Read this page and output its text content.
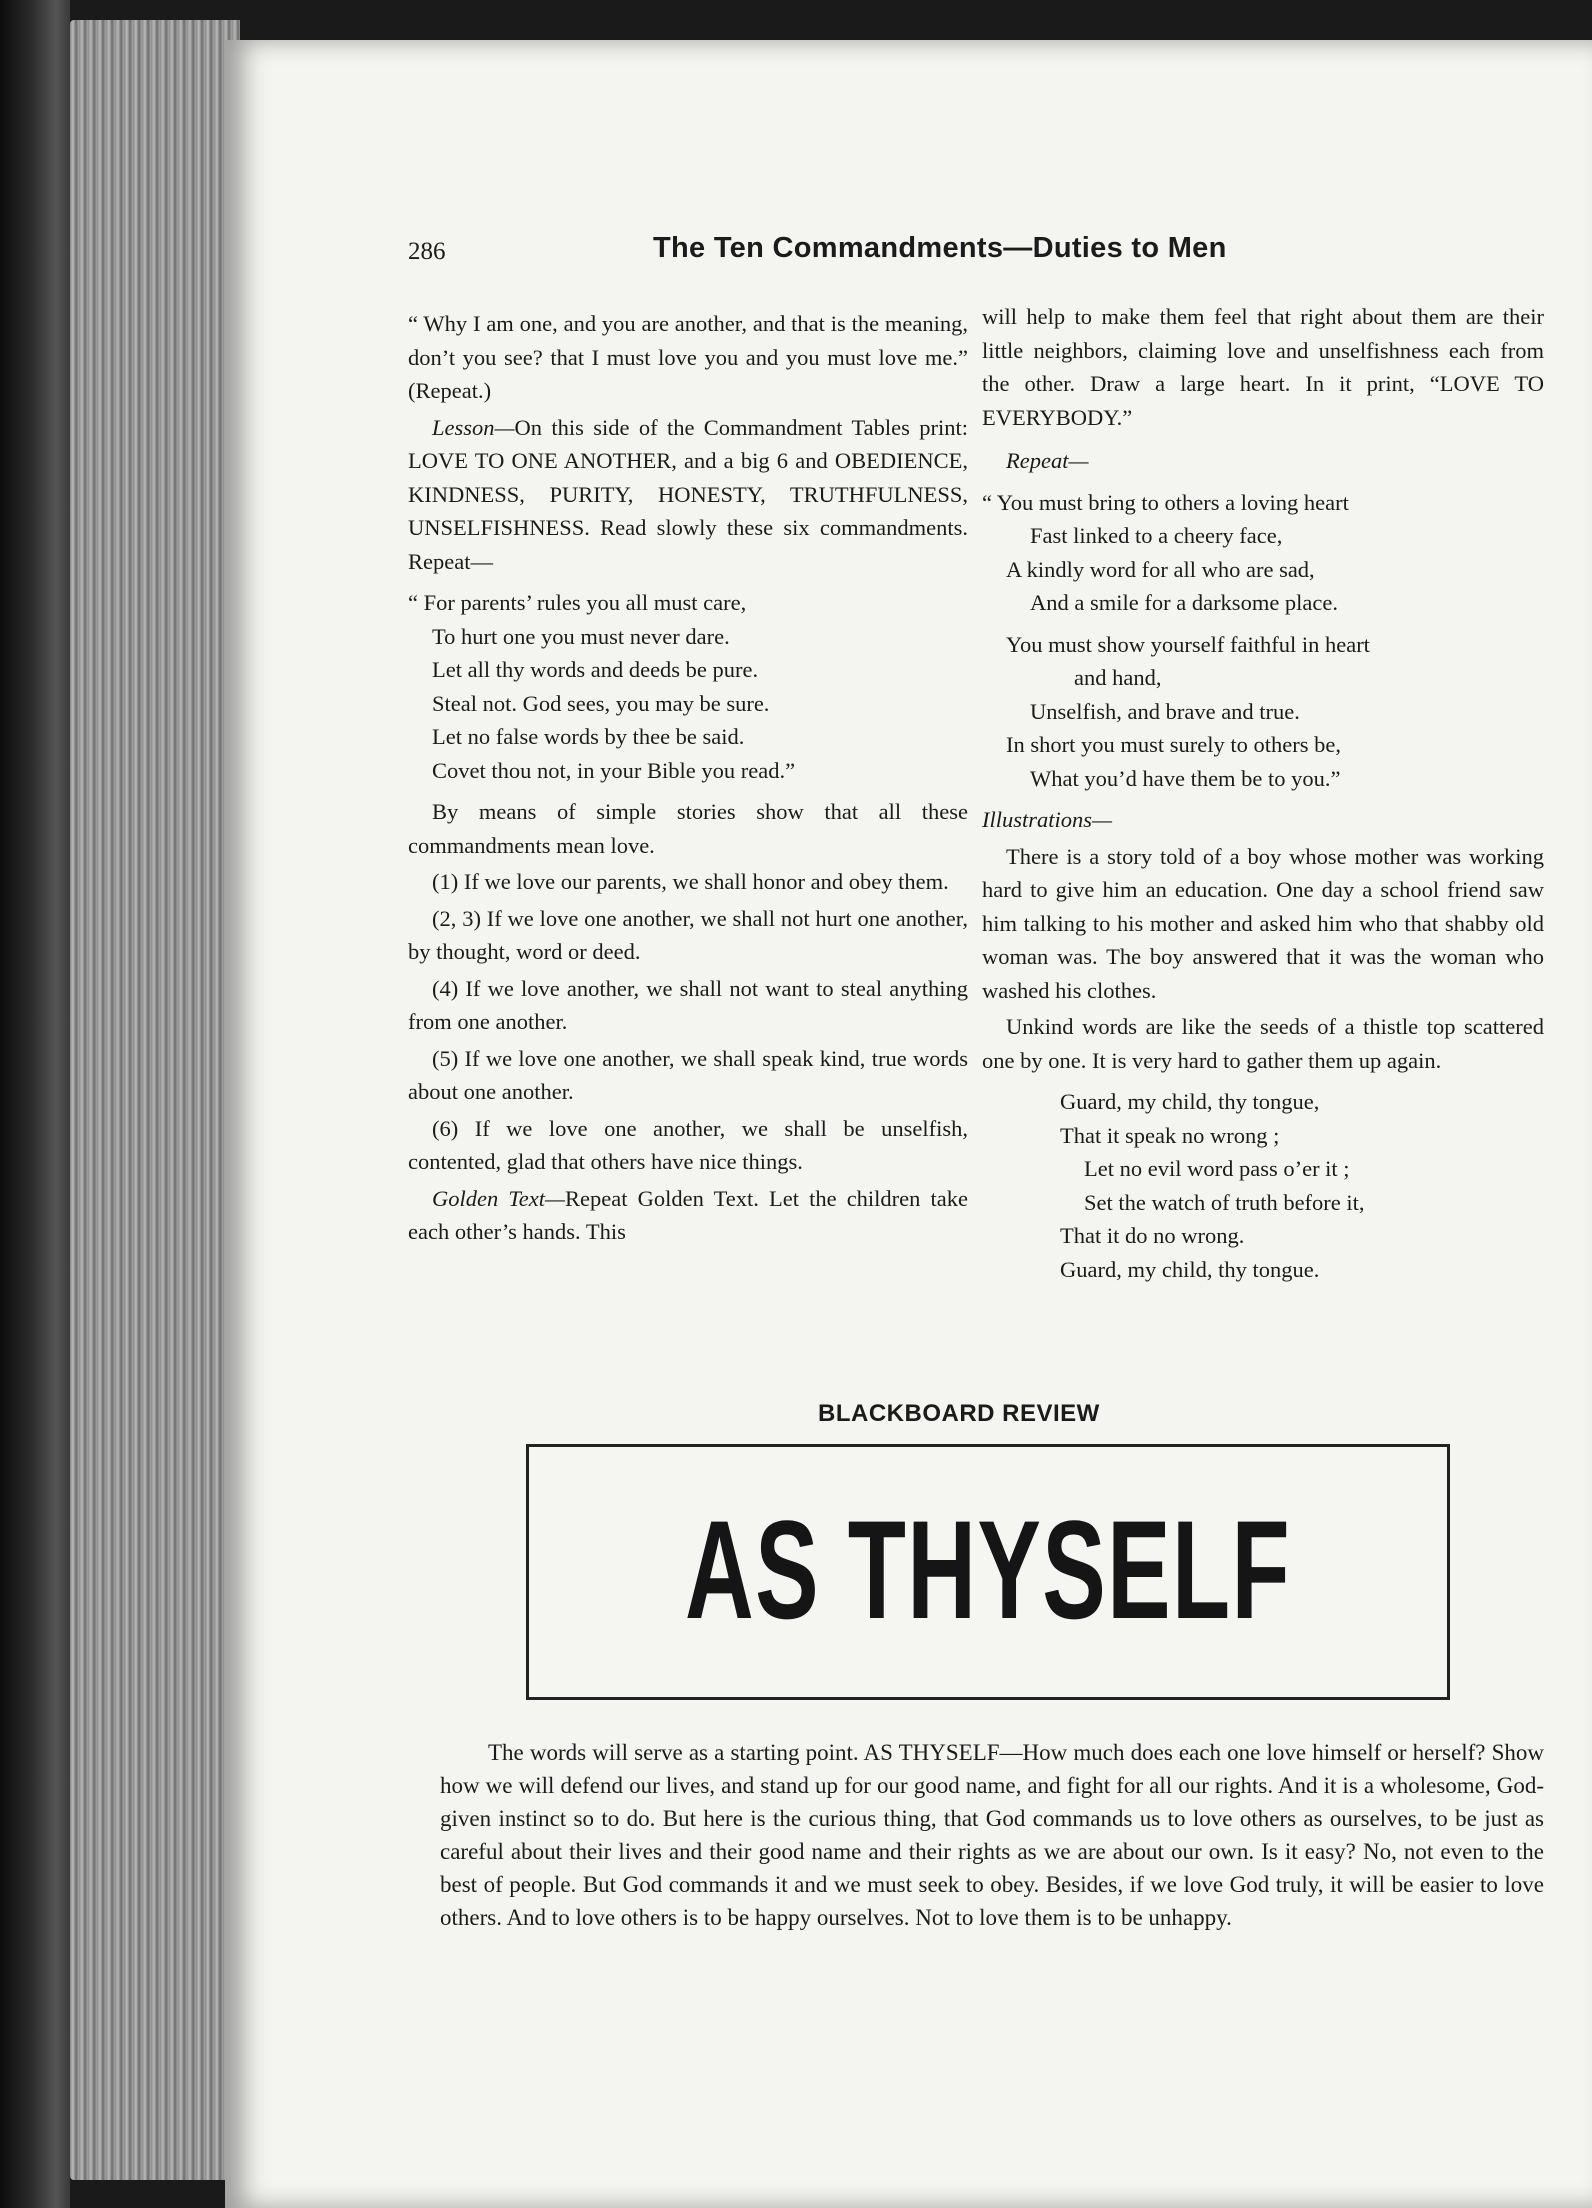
286	The Ten Commandments—Duties to Men

“ Why I am one, and you are another, and that is the meaning, don’t you see? that I must love you and you must love me.” (Repeat.)

Lesson—On this side of the Commandment Tables print: LOVE TO ONE ANOTHER, and a big 6 and OBEDIENCE, KINDNESS, PURITY, HONESTY, TRUTHFULNESS, UNSELFISHNESS. Read slowly these six commandments. Repeat—

“ For parents’ rules you all must care,
To hurt one you must never dare.
Let all thy words and deeds be pure.
Steal not. God sees, you may be sure.
Let no false words by thee be said.
Covet thou not, in your Bible you read.”

By means of simple stories show that all these commandments mean love.

(1) If we love our parents, we shall honor and obey them.

(2, 3) If we love one another, we shall not hurt one another, by thought, word or deed.

(4) If we love another, we shall not want to steal anything from one another.

(5) If we love one another, we shall speak kind, true words about one another.

(6) If we love one another, we shall be unselfish, contented, glad that others have nice things.

Golden Text—Repeat Golden Text. Let the children take each other’s hands. This

will help to make them feel that right about them are their little neighbors, claiming love and unselfishness each from the other. Draw a large heart. In it print, “LOVE TO EVERYBODY.”

Repeat—

“ You must bring to others a loving heart
Fast linked to a cheery face,
A kindly word for all who are sad,
And a smile for a darksome place.
You must show yourself faithful in heart
and hand,
Unselfish, and brave and true.
In short you must surely to others be,
What you’d have them be to you.”

Illustrations—

There is a story told of a boy whose mother was working hard to give him an education. One day a school friend saw him talking to his mother and asked him who that shabby old woman was. The boy answered that it was the woman who washed his clothes.

Unkind words are like the seeds of a thistle top scattered one by one. It is very hard to gather them up again.

Guard, my child, thy tongue,
That it speak no wrong ;
Let no evil word pass o’er it ;
Set the watch of truth before it,
That it do no wrong.
Guard, my child, thy tongue.
BLACKBOARD REVIEW
AS THYSELF
The words will serve as a starting point. AS THYSELF—How much does each one love himself or herself? Show how we will defend our lives, and stand up for our good name, and fight for all our rights. And it is a wholesome, God-given instinct so to do. But here is the curious thing, that God commands us to love others as ourselves, to be just as careful about their lives and their good name and their rights as we are about our own. Is it easy? No, not even to the best of people. But God commands it and we must seek to obey. Besides, if we love God truly, it will be easier to love others. And to love others is to be happy ourselves. Not to love them is to be unhappy.
